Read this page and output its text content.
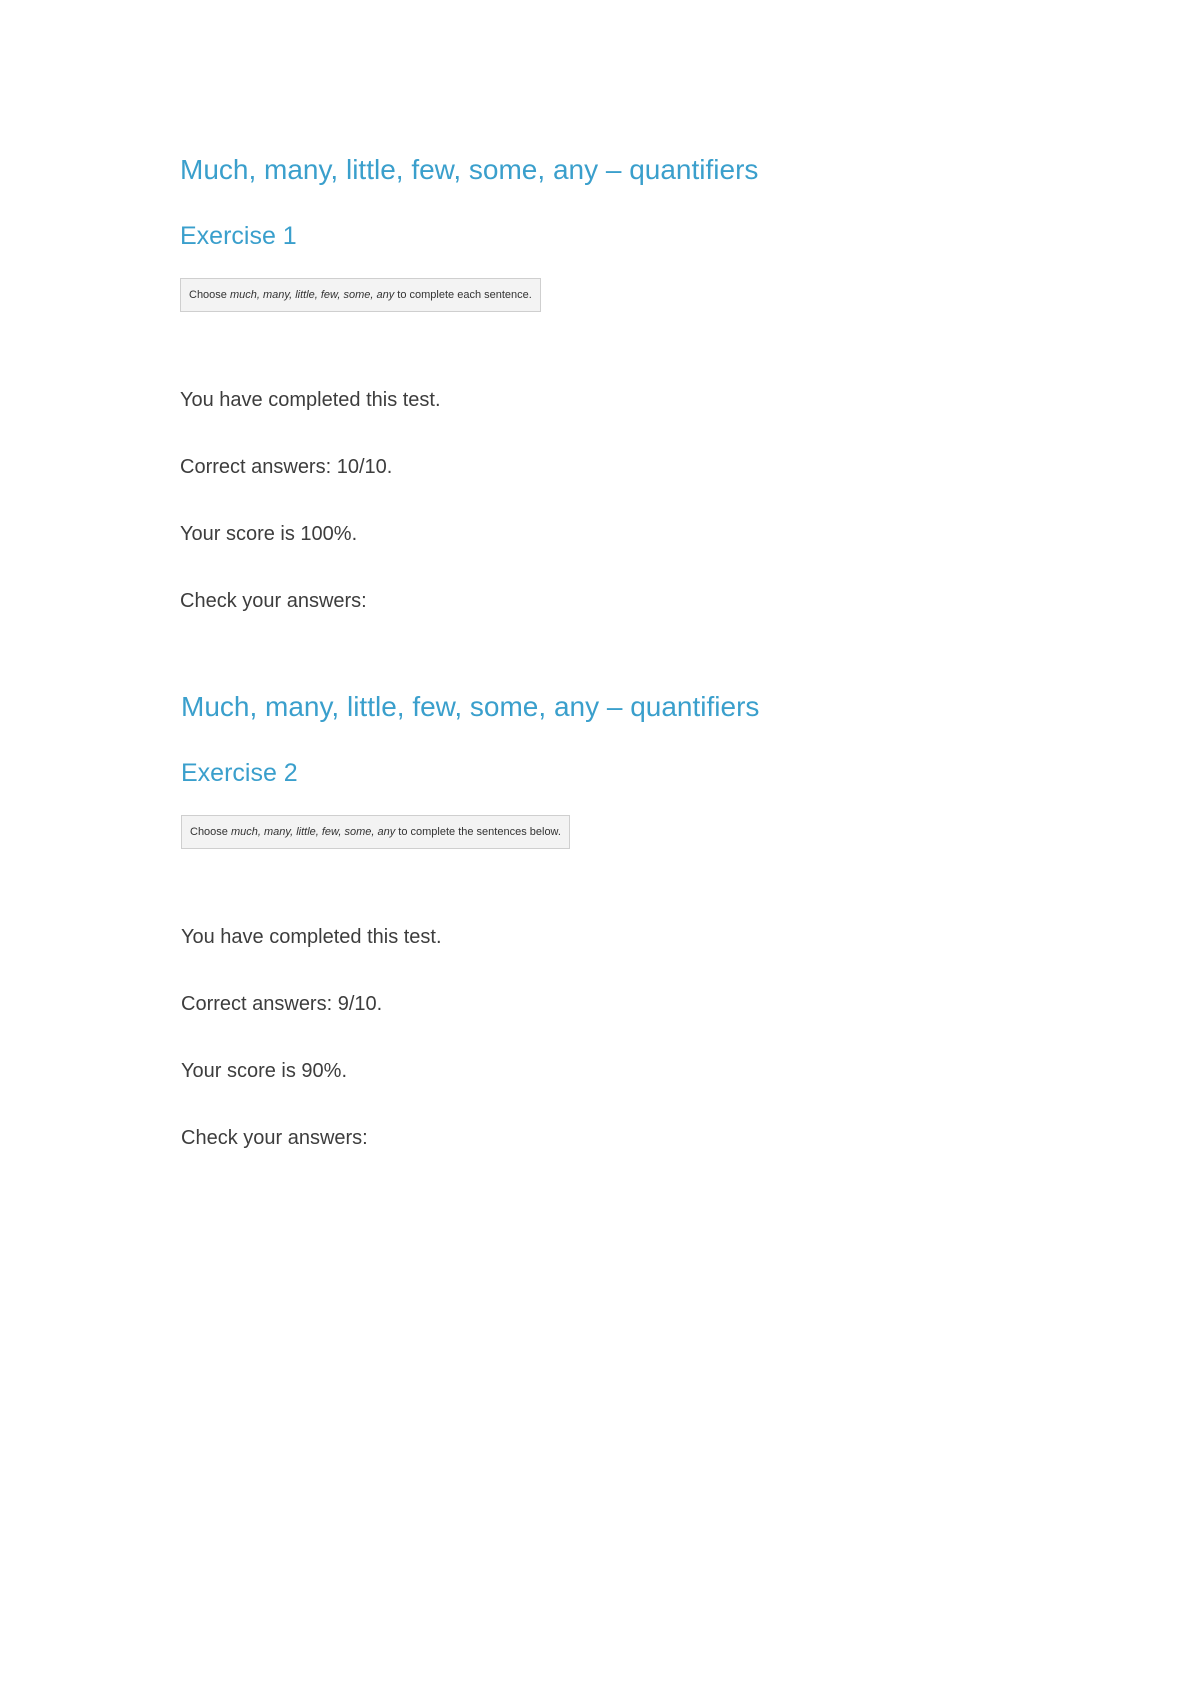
Much, many, little, few, some, any – quantifiers
Exercise 1
Choose much, many, little, few, some, any to complete each sentence.

You have completed this test.

Correct answers: 10/10.

Your score is 100%.

Check your answers:

Much, many, little, few, some, any – quantifiers
Exercise 2
Choose much, many, little, few, some, any to complete the sentences below.

You have completed this test.

Correct answers: 9/10.

Your score is 90%.

Check your answers:
